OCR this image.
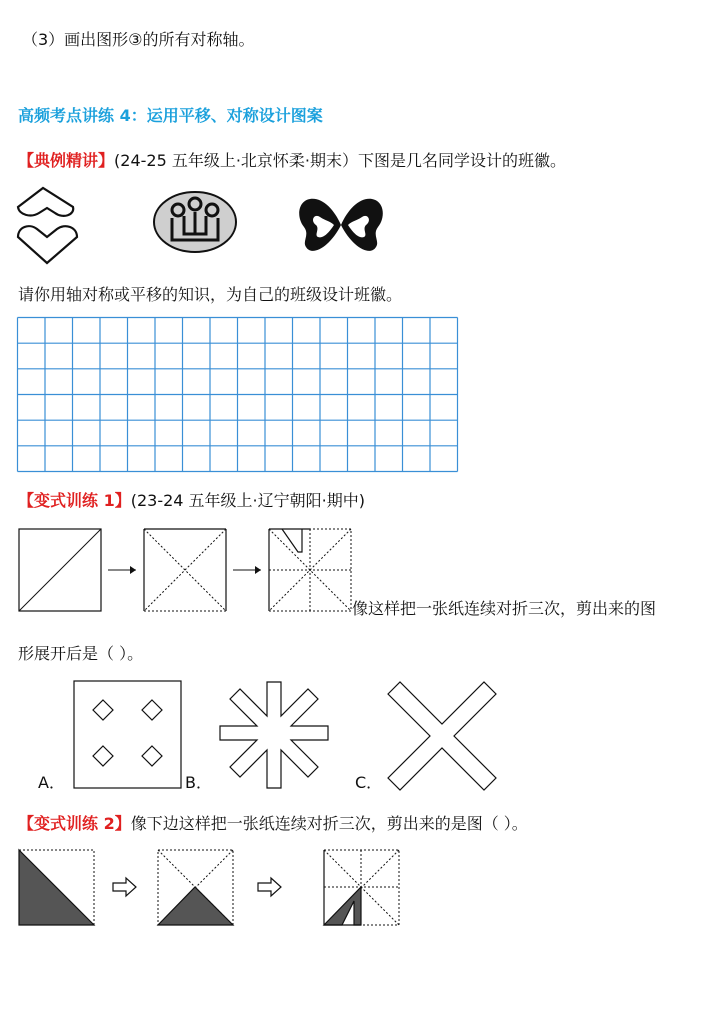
（3）画出图形③的所有对称轴。
高频考点讲练 4：运用平移、对称设计图案
【典例精讲】(24-25 五年级上·北京怀柔·期末）下图是几名同学设计的班徽。
请你用轴对称或平移的知识，为自己的班级设计班徽。
【变式训练 1】(23-24 五年级上·辽宁朝阳·期中)
像这样把一张纸连续对折三次，剪出来的图
形展开后是（ ）。
A．	B．	C．
【变式训练 2】像下边这样把一张纸连续对折三次，剪出来的是图（ ）。
